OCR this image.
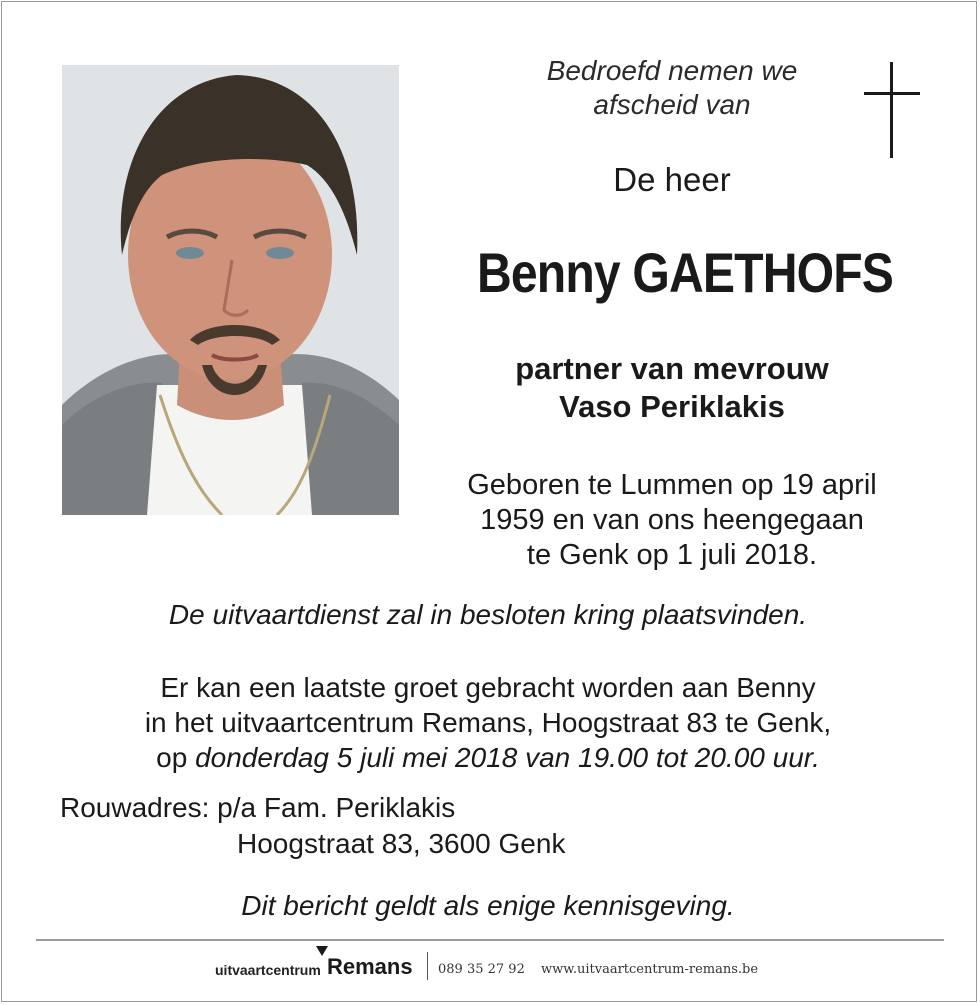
Bedroefd nemen we
afscheid van
De heer
Benny GAETHOFS
partner van mevrouw
Vaso Periklakis
Geboren te Lummen op 19 april
1959 en van ons heengegaan
te Genk op 1 juli 2018.
De uitvaartdienst zal in besloten kring plaatsvinden.
Er kan een laatste groet gebracht worden aan Benny
in het uitvaartcentrum Remans, Hoogstraat 83 te Genk,
op donderdag 5 juli mei 2018 van 19.00 tot 20.00 uur.
Rouwadres: p/a Fam. Periklakis
Hoogstraat 83, 3600 Genk
Dit bericht geldt als enige kennisgeving.
uitvaartcentrum Remans 089 35 27 92 www.uitvaartcentrum-remans.be
